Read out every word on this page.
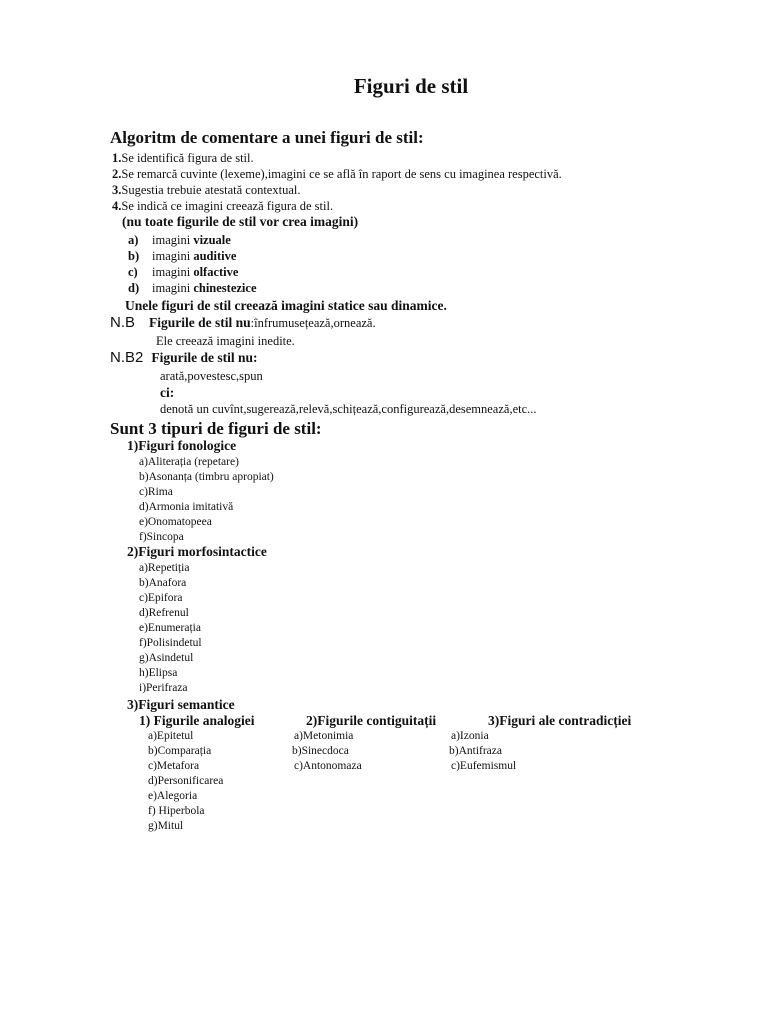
Figuri de stil
Algoritm de comentare a unei figuri de stil:
1.Se identifică figura de stil.
2.Se remarcă cuvinte (lexeme),imagini ce se află în raport de sens cu imaginea respectivă.
3.Sugestia trebuie atestată contextual.
4.Se indică ce imagini creează figura de stil.
(nu toate figurile de stil vor crea imagini)
a) imagini vizuale
b) imagini auditive
c) imagini olfactive
d) imagini chinestezice
Unele figuri de stil creează imagini statice sau dinamice.
N.B Figurile de stil nu:înfrumusețează,ornează.
Ele creează imagini inedite.
N.B2 Figurile de stil nu:
arată,povestesc,spun
ci:
denotă un cuvînt,sugerează,relevă,schițează,configurează,desemnează,etc...
Sunt 3 tipuri de figuri de stil:
1)Figuri fonologice
a)Aliterația (repetare)
b)Asonanța (timbru apropiat)
c)Rima
d)Armonia imitativă
e)Onomatopeea
f)Sincopa
2)Figuri morfosintactice
a)Repetiția
b)Anafora
c)Epifora
d)Refrenul
e)Enumerația
f)Polisindetul
g)Asindetul
h)Elipsa
i)Perifraza
3)Figuri semantice
1) Figurile analogiei	2)Figurile contiguitații	3)Figuri ale contradicției
a)Epitetul
b)Comparația
c)Metafora
d)Personificarea
e)Alegoria
f) Hiperbola
g)Mitul
a)Metonimia
b)Sinecdoca
c)Antonomaza
a)Izonia
b)Antifraza
c)Eufemismul
